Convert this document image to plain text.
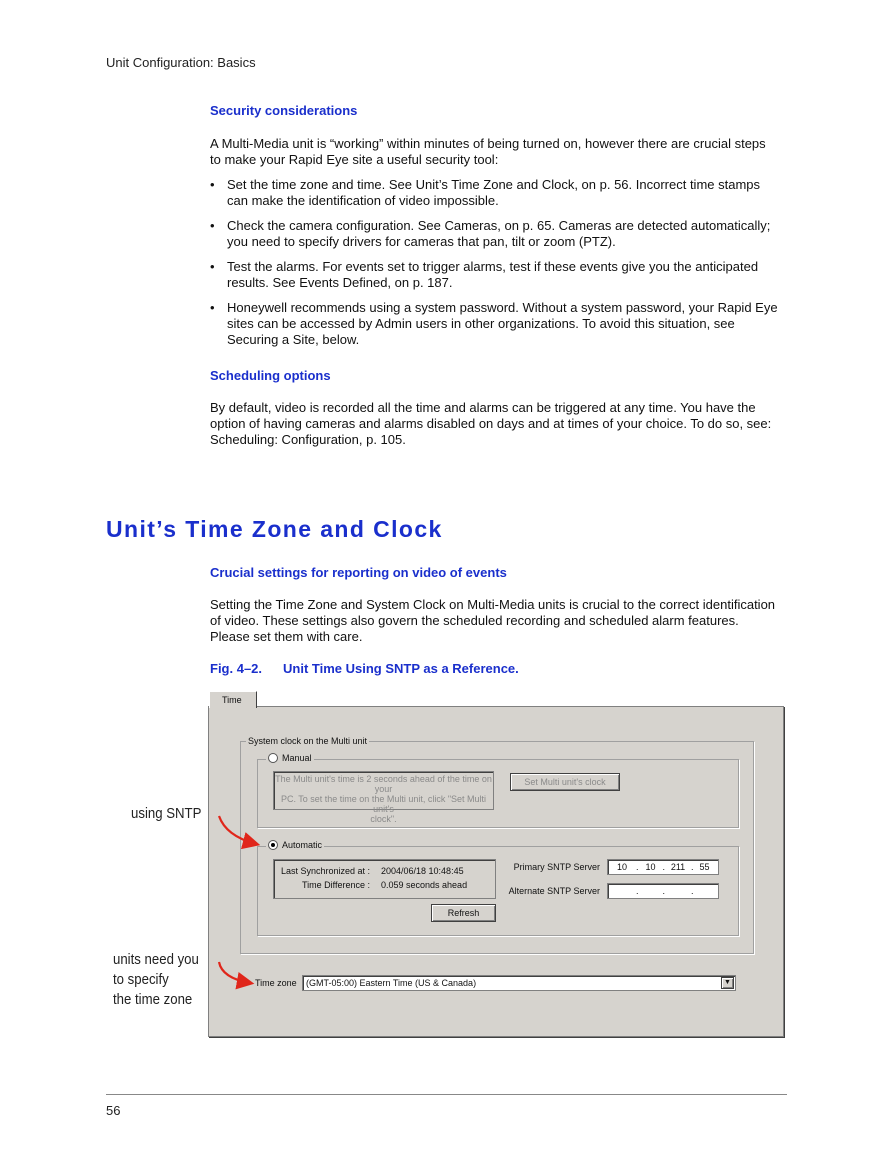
Unit Configuration: Basics
Security considerations
A Multi-Media unit is “working” within minutes of being turned on, however there are crucial steps
to make your Rapid Eye site a useful security tool:
• Set the time zone and time. See Unit’s Time Zone and Clock, on p. 56. Incorrect time stamps
can make the identification of video impossible.
• Check the camera configuration. See Cameras, on p. 65. Cameras are detected automatically;
you need to specify drivers for cameras that pan, tilt or zoom (PTZ).
• Test the alarms. For events set to trigger alarms, test if these events give you the anticipated
results. See Events Defined, on p. 187.
• Honeywell recommends using a system password. Without a system password, your Rapid Eye
sites can be accessed by Admin users in other organizations. To avoid this situation, see
Securing a Site, below.
Scheduling options
By default, video is recorded all the time and alarms can be triggered at any time. You have the
option of having cameras and alarms disabled on days and at times of your choice. To do so, see:
Scheduling: Configuration, p. 105.
Unit’s Time Zone and Clock
Crucial settings for reporting on video of events
Setting the Time Zone and System Clock on Multi-Media units is crucial to the correct identification
of video. These settings also govern the scheduled recording and scheduled alarm features.
Please set them with care.
Fig. 4–2. Unit Time Using SNTP as a Reference.
Time
System clock on the Multi unit
Manual
The Multi unit's time is 2 seconds ahead of the time on your
PC. To set the time on the Multi unit, click "Set Multi unit's
clock".
Set Multi unit's clock
Automatic
Last Synchronized at : 2004/06/18 10:48:45
Time Difference : 0.059 seconds ahead
Refresh
Primary SNTP Server	10	. 10 . 211 . 55
Alternate SNTP Server	.	.	.
Time zone	(GMT-05:00) Eastern Time (US & Canada)	▼
using SNTP
units need you
to specify
the time zone
56
